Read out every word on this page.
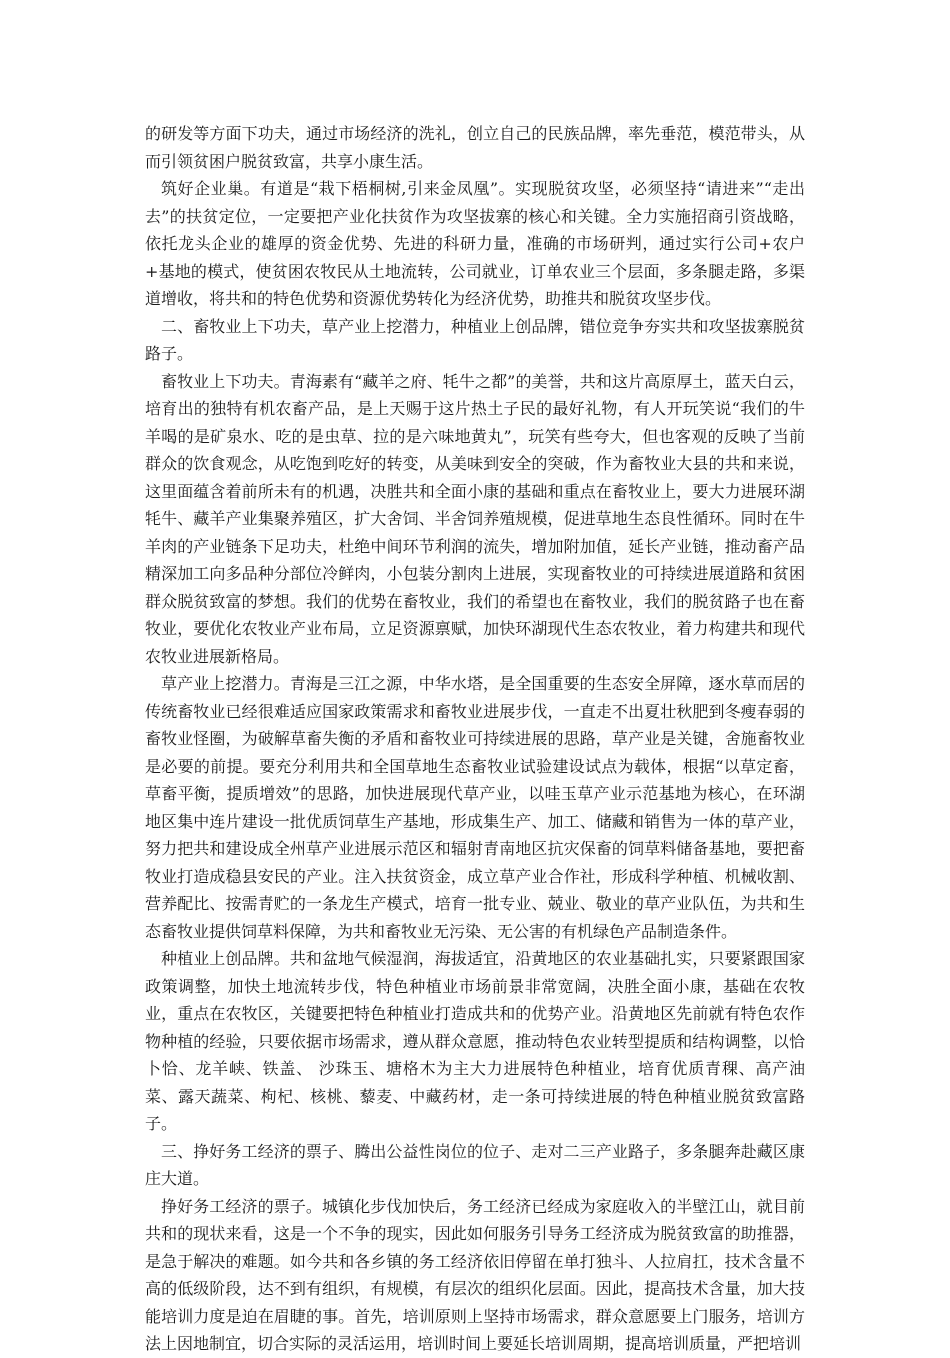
的研发等方面下功夫，通过市场经济的洗礼，创立自己的民族品牌，率先垂范，模范带头，从而引领贫困户脱贫致富，共享小康生活。

筑好企业巢。有道是“栽下梧桐树,引来金凤凰”。实现脱贫攻坚，必须坚持“请进来”“走出去”的扶贫定位，一定要把产业化扶贫作为攻坚拔寨的核心和关键。全力实施招商引资战略，依托龙头企业的雄厚的资金优势、先进的科研力量，准确的市场研判，通过实行公司+农户+基地的模式，使贫困农牧民从土地流转，公司就业，订单农业三个层面，多条腿走路，多渠道增收，将共和的特色优势和资源优势转化为经济优势，助推共和脱贫攻坚步伐。

二、畜牧业上下功夫，草产业上挖潜力，种植业上创品牌，错位竞争夯实共和攻坚拔寨脱贫路子。

畜牧业上下功夫。青海素有“藏羊之府、牦牛之都”的美誉，共和这片高原厚土，蓝天白云，培育出的独特有机农畜产品，是上天赐于这片热土子民的最好礼物，有人开玩笑说“我们的牛羊喝的是矿泉水、吃的是虫草、拉的是六味地黄丸”，玩笑有些夸大，但也客观的反映了当前群众的饮食观念，从吃饱到吃好的转变，从美味到安全的突破，作为畜牧业大县的共和来说，这里面蕴含着前所未有的机遇，决胜共和全面小康的基础和重点在畜牧业上，要大力进展环湖牦牛、藏羊产业集聚养殖区，扩大舍饲、半舍饲养殖规模，促进草地生态良性循环。同时在牛羊肉的产业链条下足功夫，杜绝中间环节利润的流失，增加附加值，延长产业链，推动畜产品精深加工向多品种分部位冷鲜肉，小包装分割肉上进展，实现畜牧业的可持续进展道路和贫困群众脱贫致富的梦想。我们的优势在畜牧业，我们的希望也在畜牧业，我们的脱贫路子也在畜牧业，要优化农牧业产业布局，立足资源禀赋，加快环湖现代生态农牧业，着力构建共和现代农牧业进展新格局。

草产业上挖潜力。青海是三江之源，中华水塔，是全国重要的生态安全屏障，逐水草而居的传统畜牧业已经很难适应国家政策需求和畜牧业进展步伐，一直走不出夏壮秋肥到冬瘦春弱的畜牧业怪圈，为破解草畜失衡的矛盾和畜牧业可持续进展的思路，草产业是关键，舍施畜牧业是必要的前提。要充分利用共和全国草地生态畜牧业试验建设试点为载体，根据“以草定畜，草畜平衡，提质增效”的思路，加快进展现代草产业，以哇玉草产业示范基地为核心，在环湖地区集中连片建设一批优质饲草生产基地，形成集生产、加工、储藏和销售为一体的草产业，努力把共和建设成全州草产业进展示范区和辐射青南地区抗灾保畜的饲草料储备基地，要把畜牧业打造成稳县安民的产业。注入扶贫资金，成立草产业合作社，形成科学种植、机械收割、营养配比、按需青贮的一条龙生产模式，培育一批专业、兢业、敬业的草产业队伍，为共和生态畜牧业提供饲草料保障，为共和畜牧业无污染、无公害的有机绿色产品制造条件。

种植业上创品牌。共和盆地气候湿润，海拔适宜，沿黄地区的农业基础扎实，只要紧跟国家政策调整，加快土地流转步伐，特色种植业市场前景非常宽阔，决胜全面小康，基础在农牧业，重点在农牧区，关键要把特色种植业打造成共和的优势产业。沿黄地区先前就有特色农作物种植的经验，只要依据市场需求，遵从群众意愿，推动特色农业转型提质和结构调整，以恰卜恰、龙羊峡、铁盖、 沙珠玉、塘格木为主大力进展特色种植业，培育优质青稞、高产油菜、露天蔬菜、枸杞、核桃、藜麦、中藏药材，走一条可持续进展的特色种植业脱贫致富路子。

三、挣好务工经济的票子、腾出公益性岗位的位子、走对二三产业路子，多条腿奔赴藏区康庄大道。

挣好务工经济的票子。城镇化步伐加快后，务工经济已经成为家庭收入的半壁江山，就目前共和的现状来看，这是一个不争的现实，因此如何服务引导务工经济成为脱贫致富的助推器，是急于解决的难题。如今共和各乡镇的务工经济依旧停留在单打独斗、人拉肩扛，技术含量不高的低级阶段，达不到有组织，有规模，有层次的组织化层面。因此，提高技术含量，加大技能培训力度是迫在眉睫的事。首先，培训原则上坚持市场需求，群众意愿要上门服务，培训方法上因地制宜，切合实际的灵活运用，培训时间上要延长培训周期，提高培训质量，严把培训
